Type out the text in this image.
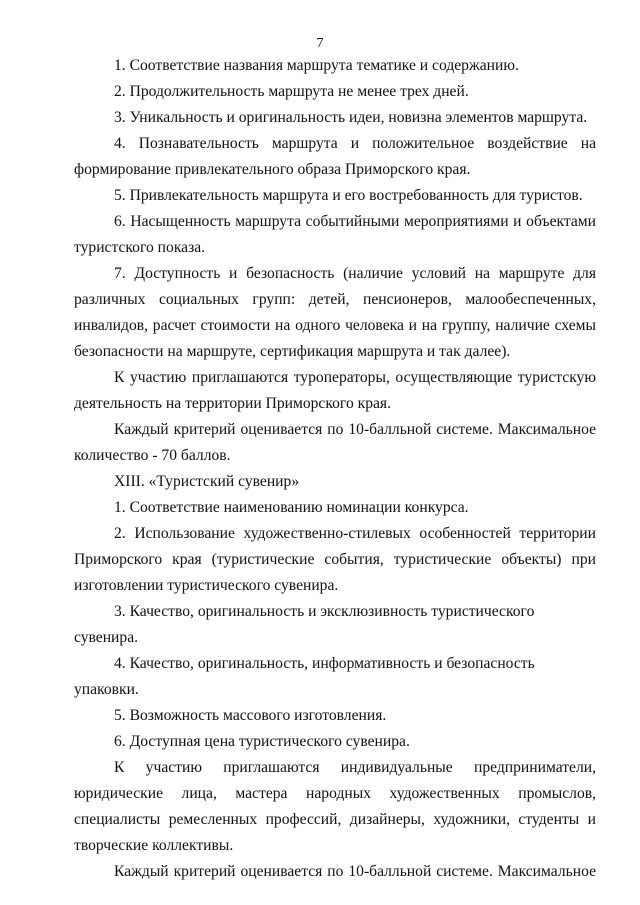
7

1. Соответствие названия маршрута тематике и содержанию.

2. Продолжительность маршрута не менее трех дней.

3. Уникальность и оригинальность идеи, новизна элементов маршрута.

4. Познавательность маршрута и положительное воздействие на формирование привлекательного образа Приморского края.

5. Привлекательность маршрута и его востребованность для туристов.

6. Насыщенность маршрута событийными мероприятиями и объектами туристского показа.

7. Доступность и безопасность (наличие условий на маршруте для различных социальных групп: детей, пенсионеров, малообеспеченных, инвалидов, расчет стоимости на одного человека и на группу, наличие схемы безопасности на маршруте, сертификация маршрута и так далее).

К участию приглашаются туроператоры, осуществляющие туристскую деятельность на территории Приморского края.

Каждый критерий оценивается по 10-балльной системе. Максимальное количество - 70 баллов.

XIII. «Туристский сувенир»

1. Соответствие наименованию номинации конкурса.

2. Использование художественно-стилевых особенностей территории Приморского края (туристические события, туристические объекты) при изготовлении туристического сувенира.

3. Качество, оригинальность и эксклюзивность туристического сувенира.

4. Качество, оригинальность, информативность и безопасность упаковки.

5. Возможность массового изготовления.

6. Доступная цена туристического сувенира.

К участию приглашаются индивидуальные предприниматели, юридические лица, мастера народных художественных промыслов, специалисты ремесленных профессий, дизайнеры, художники, студенты и творческие коллективы.

Каждый критерий оценивается по 10-балльной системе. Максимальное
